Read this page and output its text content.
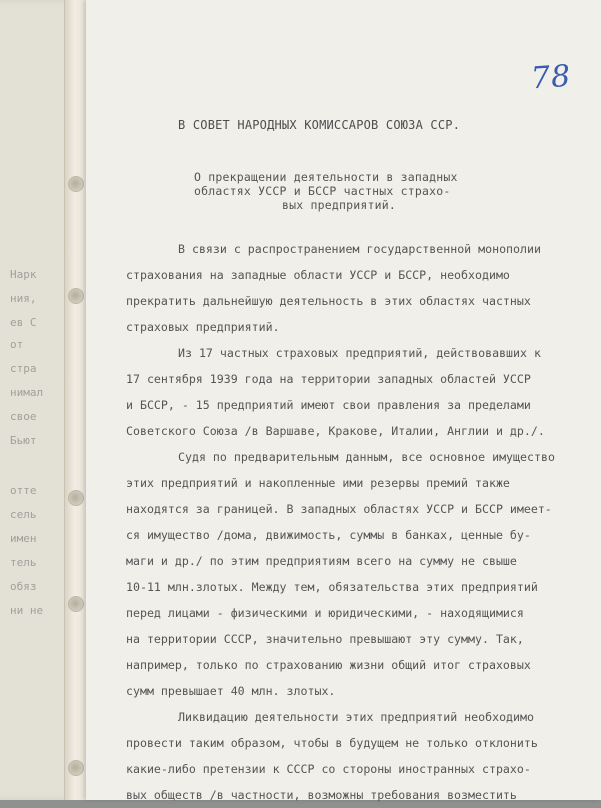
Нарк
ния,
ев С
от
стра
нимал
свое
Бьют
отте
сель
имен
тель
обяз
ни не
78
В СОВЕТ НАРОДНЫХ КОМИССАРОВ СОЮЗА ССР.
О прекращении деятельности в западных
областях УССР и БССР частных страхо-
вых предприятий.
В связи с распространением государственной монополии
страхования на западные области УССР и БССР, необходимо
прекратить дальнейшую деятельность в этих областях частных
страховых предприятий.
Из 17 частных страховых предприятий, действовавших к
17 сентября 1939 года на территории западных областей УССР
и БССР, - 15 предприятий имеют свои правления за пределами
Советского Союза /в Варшаве, Кракове, Италии, Англии и др./.
Судя по предварительным данным, все основное имущество
этих предприятий и накопленные ими резервы премий также
находятся за границей. В западных областях УССР и БССР имеет-
ся имущество /дома, движимость, суммы в банках, ценные бу-
маги и др./ по этим предприятиям всего на сумму не свыше
10-11 млн.злотых. Между тем, обязательства этих предприятий
перед лицами - физическими и юридическими, - находящимися
на территории СССР, значительно превышают эту сумму. Так,
например, только по страхованию жизни общий итог страховых
сумм превышает 40 млн. злотых.
Ликвидацию деятельности этих предприятий необходимо
провести таким образом, чтобы в будущем не только отклонить
какие-либо претензии к СССР со стороны иностранных страхо-
вых обществ /в частности, возможны требования возместить
